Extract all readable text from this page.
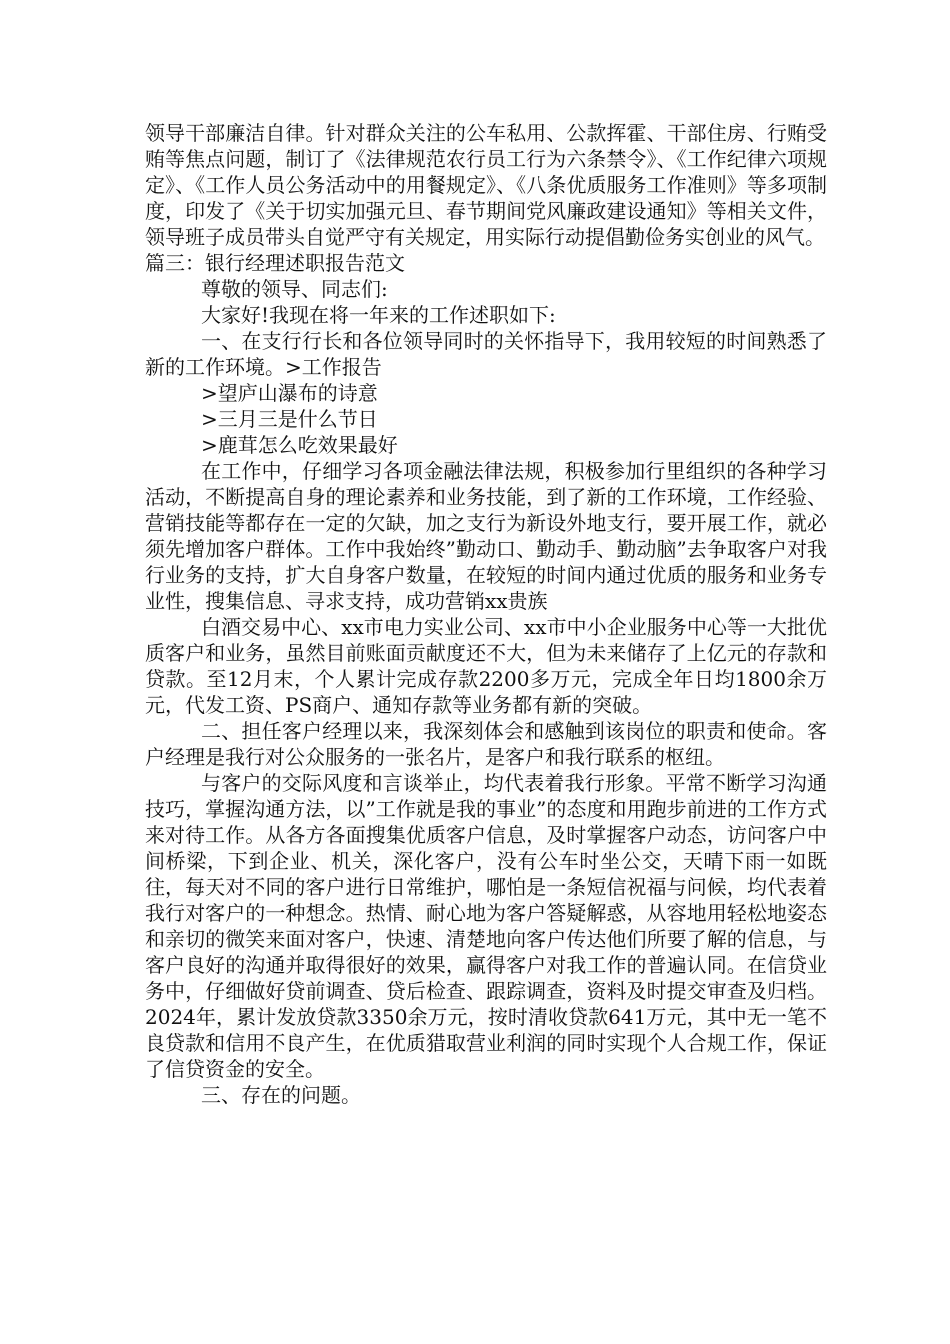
领导干部廉洁自律。针对群众关注的公车私用、公款挥霍、干部住房、行贿受贿等焦点问题，制订了《法律规范农行员工行为六条禁令》、《工作纪律六项规定》、《工作人员公务活动中的用餐规定》、《八条优质服务工作准则》等多项制度，印发了《关于切实加强元旦、春节期间党风廉政建设通知》等相关文件，领导班子成员带头自觉严守有关规定，用实际行动提倡勤俭务实创业的风气。

篇三：银行经理述职报告范文

尊敬的领导、同志们:

大家好!我现在将一年来的工作述职如下:

一、在支行行长和各位领导同时的关怀指导下，我用较短的时间熟悉了新的工作环境。>工作报告

>望庐山瀑布的诗意

>三月三是什么节日

>鹿茸怎么吃效果最好

在工作中，仔细学习各项金融法律法规，积极参加行里组织的各种学习活动，不断提高自身的理论素养和业务技能，到了新的工作环境，工作经验、营销技能等都存在一定的欠缺，加之支行为新设外地支行，要开展工作，就必须先增加客户群体。工作中我始终”勤动口、勤动手、勤动脑”去争取客户对我行业务的支持，扩大自身客户数量，在较短的时间内通过优质的服务和业务专业性，搜集信息、寻求支持，成功营销xx贵族

白酒交易中心、xx市电力实业公司、xx市中小企业服务中心等一大批优质客户和业务，虽然目前账面贡献度还不大，但为未来储存了上亿元的存款和贷款。至12月末，个人累计完成存款2200多万元，完成全年日均1800余万元，代发工资、PS商户、通知存款等业务都有新的突破。

二、担任客户经理以来，我深刻体会和感触到该岗位的职责和使命。客户经理是我行对公众服务的一张名片，是客户和我行联系的枢纽。

与客户的交际风度和言谈举止，均代表着我行形象。平常不断学习沟通技巧，掌握沟通方法，以”工作就是我的事业”的态度和用跑步前进的工作方式来对待工作。从各方各面搜集优质客户信息，及时掌握客户动态，访问客户中间桥梁，下到企业、机关，深化客户，没有公车时坐公交，天晴下雨一如既往，每天对不同的客户进行日常维护，哪怕是一条短信祝福与问候，均代表着我行对客户的一种想念。热情、耐心地为客户答疑解惑，从容地用轻松地姿态和亲切的微笑来面对客户，快速、清楚地向客户传达他们所要了解的信息，与客户良好的沟通并取得很好的效果，赢得客户对我工作的普遍认同。在信贷业务中，仔细做好贷前调查、贷后检查、跟踪调查，资料及时提交审查及归档。2024年，累计发放贷款3350余万元，按时清收贷款641万元，其中无一笔不良贷款和信用不良产生，在优质猎取营业利润的同时实现个人合规工作，保证了信贷资金的安全。

三、存在的问题。
